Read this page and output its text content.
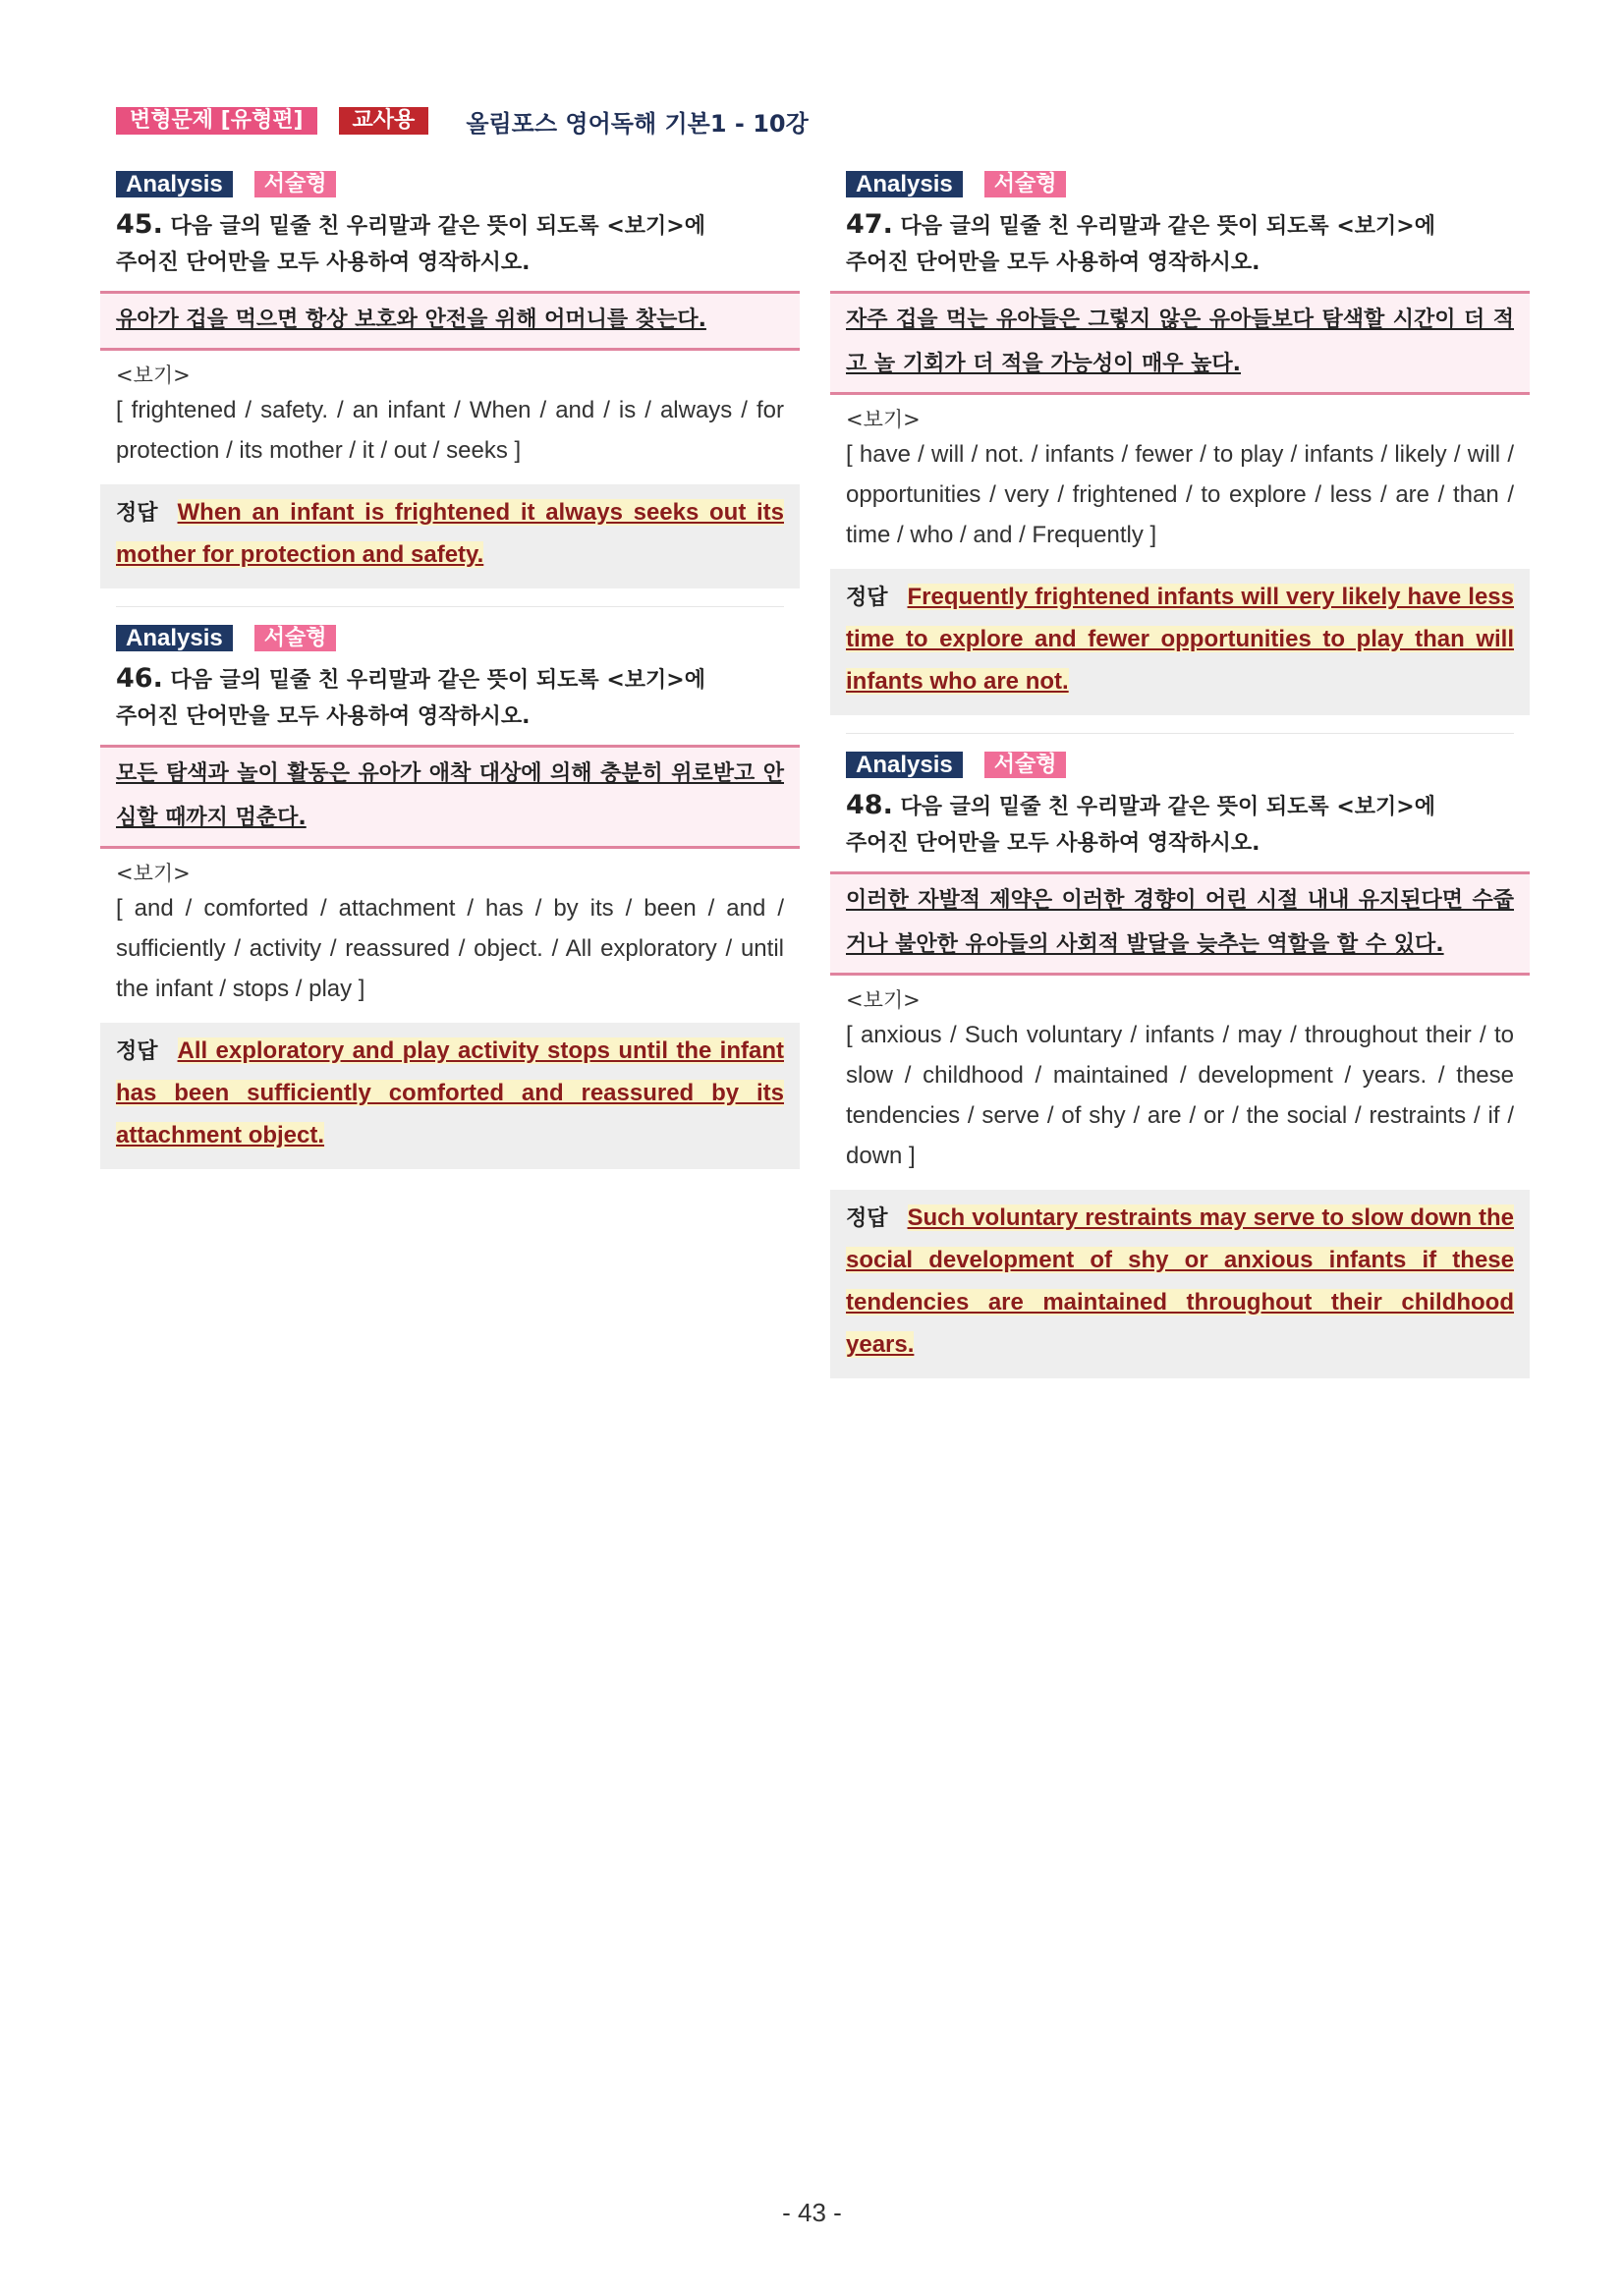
변형문제 [유형편]	교사용	올림포스 영어독해 기본1 - 10강
Analysis	서술형
45. 다음 글의 밑줄 친 우리말과 같은 뜻이 되도록 <보기>에
주어진 단어만을 모두 사용하여 영작하시오.
유아가 겁을 먹으면 항상 보호와 안전을 위해 어머니를 찾는다.
<보기>
[ frightened / safety. / an infant / When / and / is / always / for protection / its mother / it / out / seeks ]

정답 When an infant is frightened it always seeks out its mother for protection and safety.

Analysis	서술형
46. 다음 글의 밑줄 친 우리말과 같은 뜻이 되도록 <보기>에
주어진 단어만을 모두 사용하여 영작하시오.
모든 탐색과 놀이 활동은 유아가 애착 대상에 의해 충분히 위로받고 안심할 때까지 멈춘다.
<보기>
[ and / comforted / attachment / has / by its / been / and / sufficiently / activity / reassured / object. / All exploratory / until the infant / stops / play ]

정답 All exploratory and play activity stops until the infant has been sufficiently comforted and reassured by its attachment object.

Analysis	서술형
47. 다음 글의 밑줄 친 우리말과 같은 뜻이 되도록 <보기>에
주어진 단어만을 모두 사용하여 영작하시오.
자주 겁을 먹는 유아들은 그렇지 않은 유아들보다 탐색할 시간이 더 적고 놀 기회가 더 적을 가능성이 매우 높다.
<보기>
[ have / will / not. / infants / fewer / to play / infants / likely / will / opportunities / very / frightened / to explore / less / are / than / time / who / and / Frequently ]

정답 Frequently frightened infants will very likely have less time to explore and fewer opportunities to play than will infants who are not.

Analysis	서술형
48. 다음 글의 밑줄 친 우리말과 같은 뜻이 되도록 <보기>에
주어진 단어만을 모두 사용하여 영작하시오.
이러한 자발적 제약은 이러한 경향이 어린 시절 내내 유지된다면 수줍거나 불안한 유아들의 사회적 발달을 늦추는 역할을 할 수 있다.
<보기>
[ anxious / Such voluntary / infants / may / throughout their / to slow / childhood / maintained / development / years. / these tendencies / serve / of shy / are / or / the social / restraints / if / down ]

정답 Such voluntary restraints may serve to slow down the social development of shy or anxious infants if these tendencies are maintained throughout their childhood years.

- 43 -
